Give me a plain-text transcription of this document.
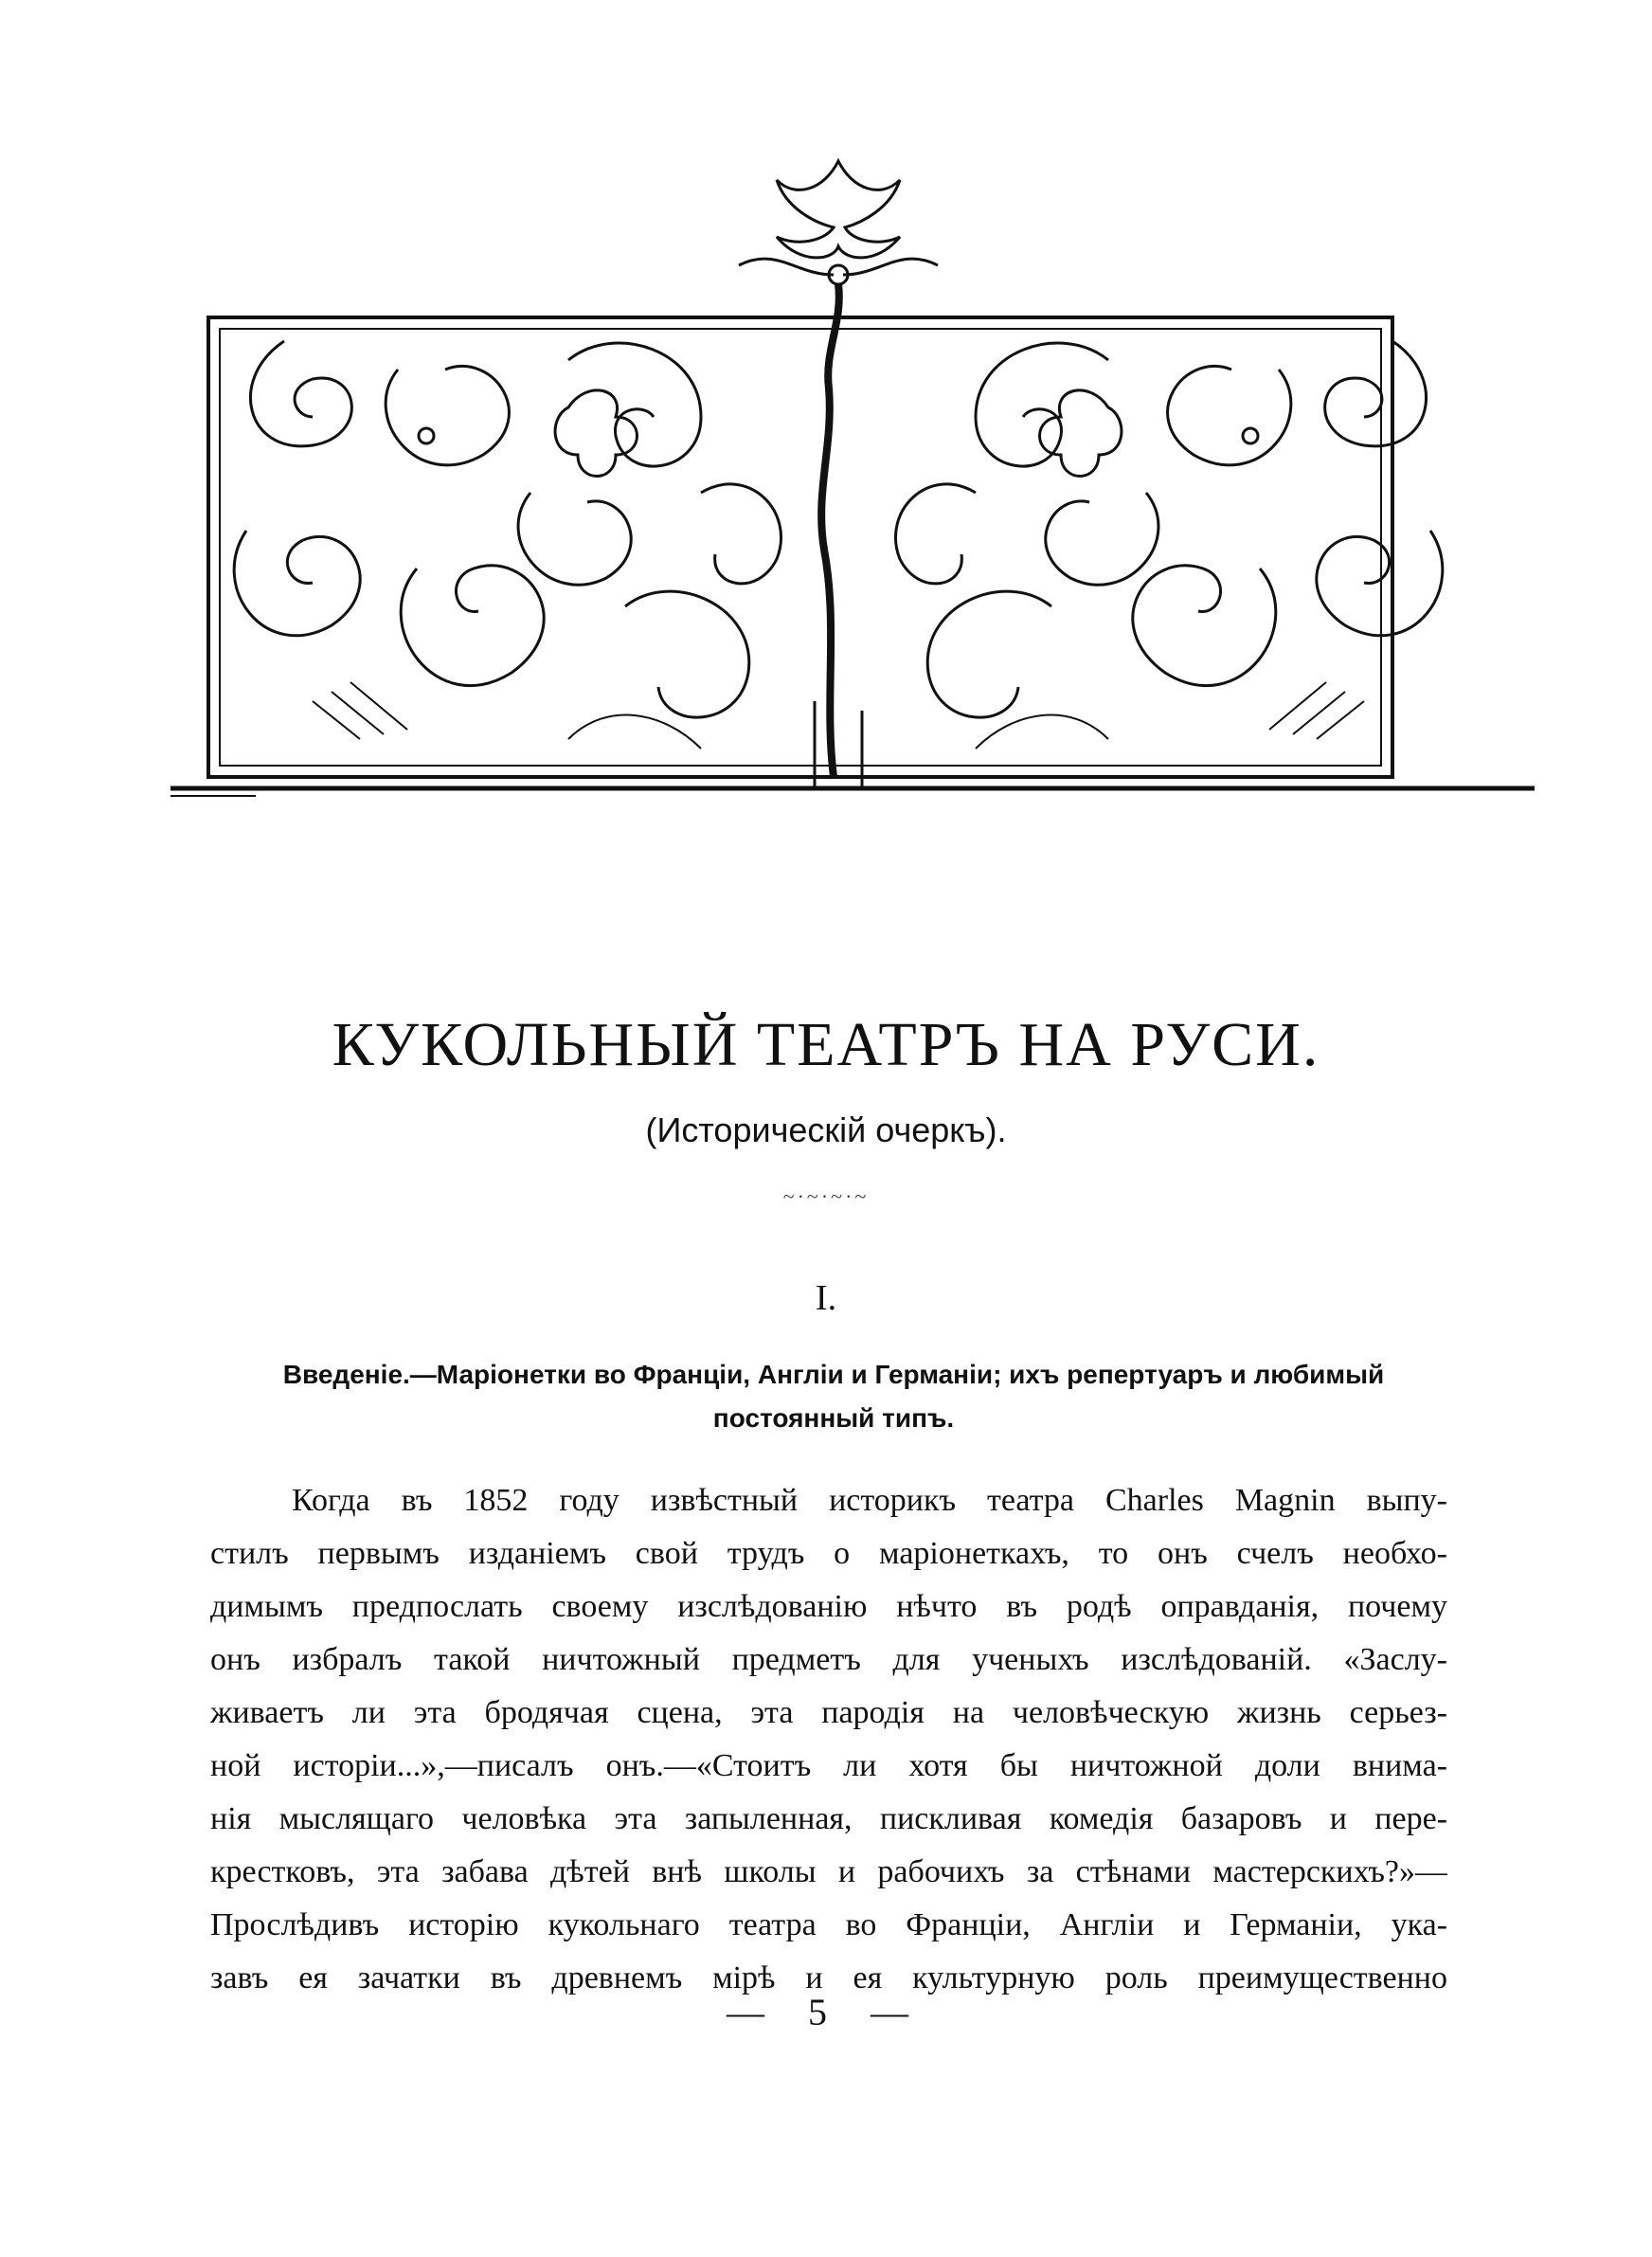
КУКОЛЬНЫЙ ТЕАТРЪ НА РУСИ.
(Историческій очеркъ).
~·~·~·~
I.
Введеніе.—Маріонетки во Франціи, Англіи и Германіи; ихъ репертуаръ и любимый постоянный типъ.
Когда въ 1852 году извѣстный историкъ театра Charles Magnin выпу-
стилъ первымъ изданіемъ свой трудъ о маріонеткахъ, то онъ счелъ необхо-
димымъ предпослать своему изслѣдованію нѣчто въ родѣ оправданія, почему
онъ избралъ такой ничтожный предметъ для ученыхъ изслѣдованій. «Заслу-
живаетъ ли эта бродячая сцена, эта пародія на человѣческую жизнь серьез-
ной исторіи...»,—писалъ онъ.—«Стоитъ ли хотя бы ничтожной доли внима-
нія мыслящаго человѣка эта запыленная, пискливая комедія базаровъ и пере-
крестковъ, эта забава дѣтей внѣ школы и рабочихъ за стѣнами мастерскихъ?»—
Прослѣдивъ исторію кукольнаго театра во Франціи, Англіи и Германіи, ука-
завъ ея зачатки въ древнемъ мірѣ и ея культурную роль преимущественно
— 5 —
